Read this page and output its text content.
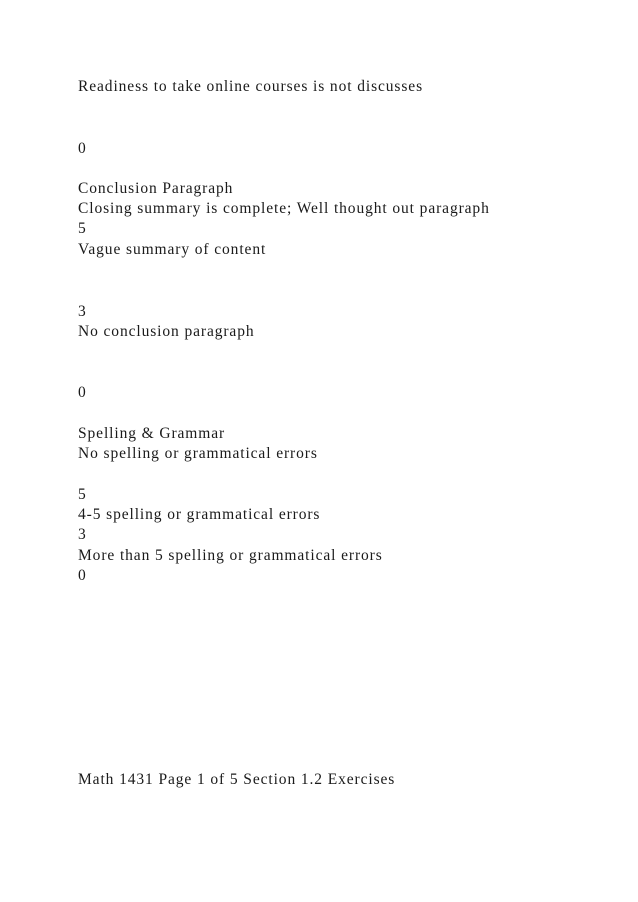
Readiness to take online courses is not discusses

0

Conclusion Paragraph

Closing summary is complete; Well thought out paragraph

5

Vague summary of content

3

No conclusion paragraph

0

Spelling & Grammar

No spelling or grammatical errors

5

4-5 spelling or grammatical errors

3

More than 5 spelling or grammatical errors

0

Math 1431 Page 1 of 5 Section 1.2 Exercises
